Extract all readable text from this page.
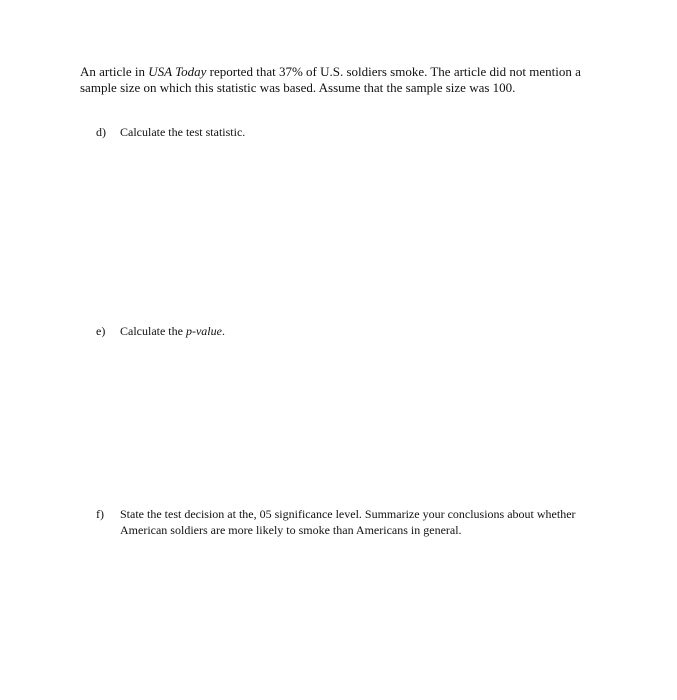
An article in USA Today reported that 37% of U.S. soldiers smoke. The article did not mention a sample size on which this statistic was based. Assume that the sample size was 100.

d)	Calculate the test statistic.
e)	Calculate the p-value.
f)	State the test decision at the, 05 significance level. Summarize your conclusions about whether American soldiers are more likely to smoke than Americans in general.
